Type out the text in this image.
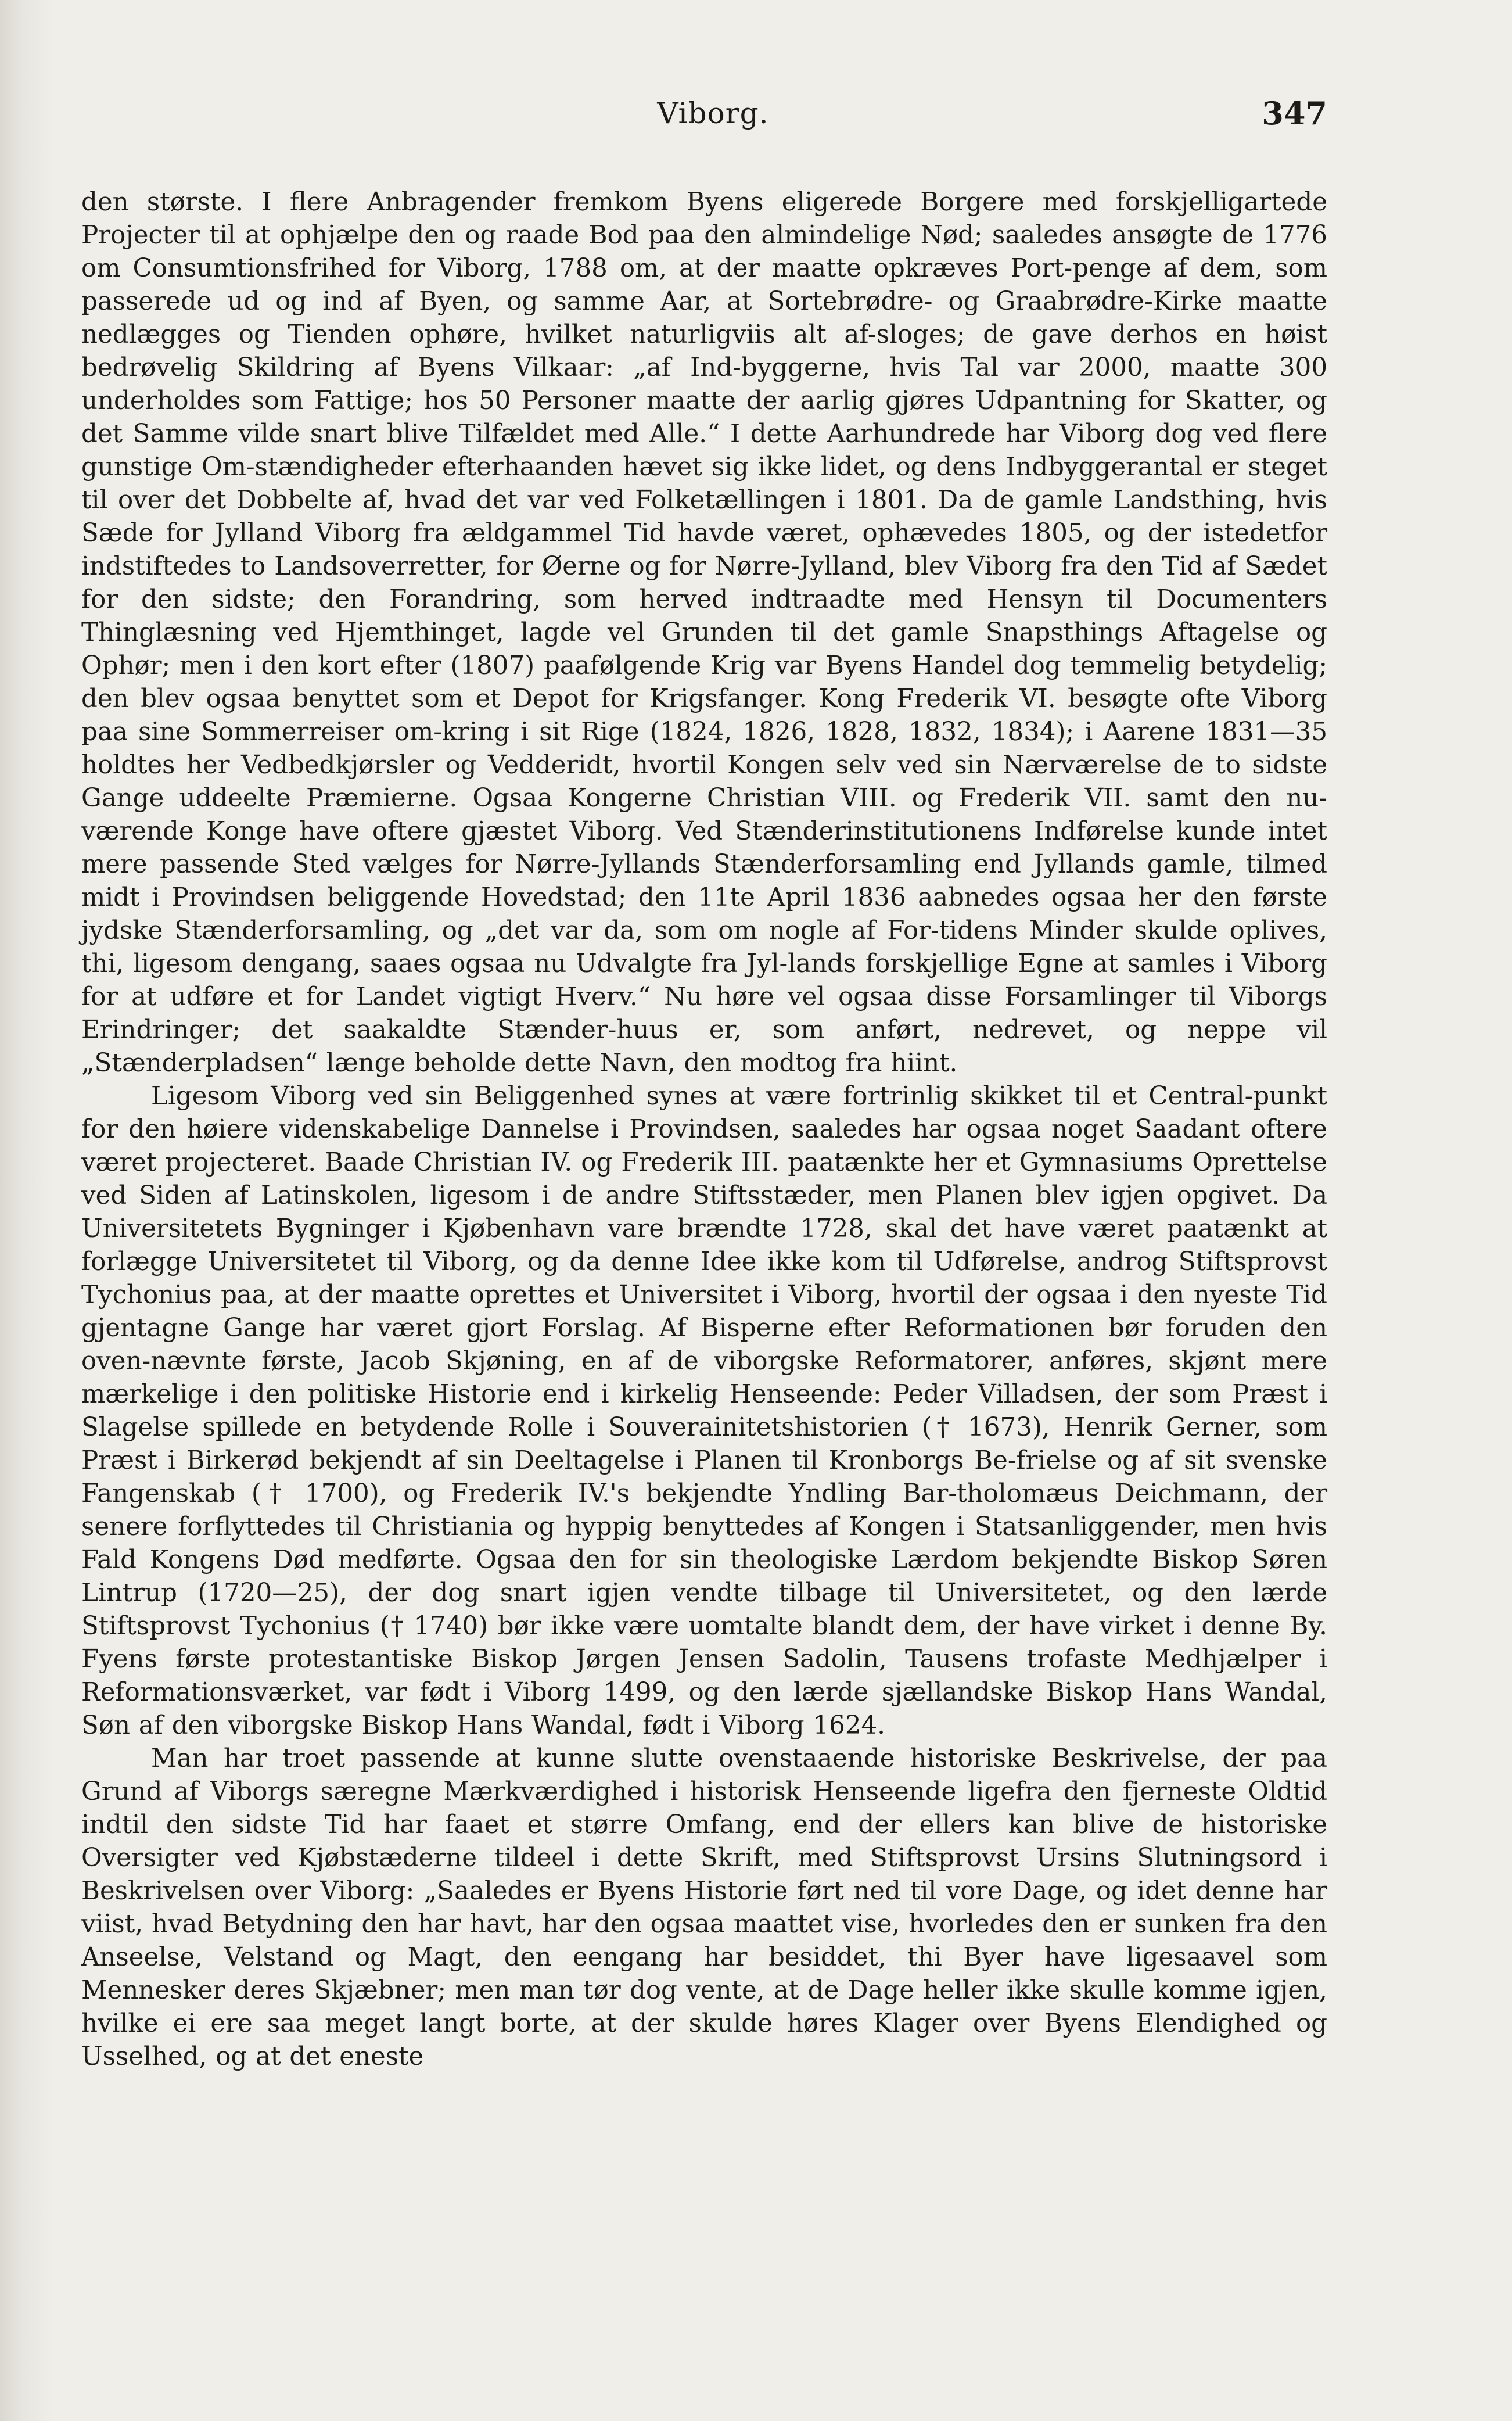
Viborg.	347

den største. I flere Anbragender fremkom Byens eligerede Borgere med forskjelligartede Projecter til at ophjælpe den og raade Bod paa den almindelige Nød; saaledes ansøgte de 1776 om Consumtionsfrihed for Viborg, 1788 om, at der maatte opkræves Port-penge af dem, som passerede ud og ind af Byen, og samme Aar, at Sortebrødre- og Graabrødre-Kirke maatte nedlægges og Tienden ophøre, hvilket naturligviis alt af-sloges; de gave derhos en høist bedrøvelig Skildring af Byens Vilkaar: „af Ind-byggerne, hvis Tal var 2000, maatte 300 underholdes som Fattige; hos 50 Personer maatte der aarlig gjøres Udpantning for Skatter, og det Samme vilde snart blive Tilfældet med Alle.“ I dette Aarhundrede har Viborg dog ved flere gunstige Om-stændigheder efterhaanden hævet sig ikke lidet, og dens Indbyggerantal er steget til over det Dobbelte af, hvad det var ved Folketællingen i 1801. Da de gamle Landsthing, hvis Sæde for Jylland Viborg fra ældgammel Tid havde været, ophævedes 1805, og der istedetfor indstiftedes to Landsoverretter, for Øerne og for Nørre-Jylland, blev Viborg fra den Tid af Sædet for den sidste; den Forandring, som herved indtraadte med Hensyn til Documenters Thinglæsning ved Hjemthinget, lagde vel Grunden til det gamle Snapsthings Aftagelse og Ophør; men i den kort efter (1807) paafølgende Krig var Byens Handel dog temmelig betydelig; den blev ogsaa benyttet som et Depot for Krigsfanger. Kong Frederik VI. besøgte ofte Viborg paa sine Sommerreiser om-kring i sit Rige (1824, 1826, 1828, 1832, 1834); i Aarene 1831—35 holdtes her Vedbedkjørsler og Vedderidt, hvortil Kongen selv ved sin Nærværelse de to sidste Gange uddeelte Præmierne. Ogsaa Kongerne Christian VIII. og Frederik VII. samt den nu-værende Konge have oftere gjæstet Viborg. Ved Stænderinstitutionens Indførelse kunde intet mere passende Sted vælges for Nørre-Jyllands Stænderforsamling end Jyllands gamle, tilmed midt i Provindsen beliggende Hovedstad; den 11te April 1836 aabnedes ogsaa her den første jydske Stænderforsamling, og „det var da, som om nogle af For-tidens Minder skulde oplives, thi, ligesom dengang, saaes ogsaa nu Udvalgte fra Jyl-lands forskjellige Egne at samles i Viborg for at udføre et for Landet vigtigt Hverv.“ Nu høre vel ogsaa disse Forsamlinger til Viborgs Erindringer; det saakaldte Stænder-huus er, som anført, nedrevet, og neppe vil „Stænderpladsen“ længe beholde dette Navn, den modtog fra hiint.

Ligesom Viborg ved sin Beliggenhed synes at være fortrinlig skikket til et Central-punkt for den høiere videnskabelige Dannelse i Provindsen, saaledes har ogsaa noget Saadant oftere været projecteret. Baade Christian IV. og Frederik III. paatænkte her et Gymnasiums Oprettelse ved Siden af Latinskolen, ligesom i de andre Stiftsstæder, men Planen blev igjen opgivet. Da Universitetets Bygninger i Kjøbenhavn vare brændte 1728, skal det have været paatænkt at forlægge Universitetet til Viborg, og da denne Idee ikke kom til Udførelse, androg Stiftsprovst Tychonius paa, at der maatte oprettes et Universitet i Viborg, hvortil der ogsaa i den nyeste Tid gjentagne Gange har været gjort Forslag. Af Bisperne efter Reformationen bør foruden den oven-nævnte første, Jacob Skjøning, en af de viborgske Reformatorer, anføres, skjønt mere mærkelige i den politiske Historie end i kirkelig Henseende: Peder Villadsen, der som Præst i Slagelse spillede en betydende Rolle i Souverainitetshistorien († 1673), Henrik Gerner, som Præst i Birkerød bekjendt af sin Deeltagelse i Planen til Kronborgs Be-frielse og af sit svenske Fangenskab († 1700), og Frederik IV.'s bekjendte Yndling Bar-tholomæus Deichmann, der senere forflyttedes til Christiania og hyppig benyttedes af Kongen i Statsanliggender, men hvis Fald Kongens Død medførte. Ogsaa den for sin theologiske Lærdom bekjendte Biskop Søren Lintrup (1720—25), der dog snart igjen vendte tilbage til Universitetet, og den lærde Stiftsprovst Tychonius († 1740) bør ikke være uomtalte blandt dem, der have virket i denne By. Fyens første protestantiske Biskop Jørgen Jensen Sadolin, Tausens trofaste Medhjælper i Reformationsværket, var født i Viborg 1499, og den lærde sjællandske Biskop Hans Wandal, Søn af den viborgske Biskop Hans Wandal, født i Viborg 1624.

Man har troet passende at kunne slutte ovenstaaende historiske Beskrivelse, der paa Grund af Viborgs særegne Mærkværdighed i historisk Henseende ligefra den fjerneste Oldtid indtil den sidste Tid har faaet et større Omfang, end der ellers kan blive de historiske Oversigter ved Kjøbstæderne tildeel i dette Skrift, med Stiftsprovst Ursins Slutningsord i Beskrivelsen over Viborg: „Saaledes er Byens Historie ført ned til vore Dage, og idet denne har viist, hvad Betydning den har havt, har den ogsaa maattet vise, hvorledes den er sunken fra den Anseelse, Velstand og Magt, den eengang har besiddet, thi Byer have ligesaavel som Mennesker deres Skjæbner; men man tør dog vente, at de Dage heller ikke skulle komme igjen, hvilke ei ere saa meget langt borte, at der skulde høres Klager over Byens Elendighed og Usselhed, og at det eneste
